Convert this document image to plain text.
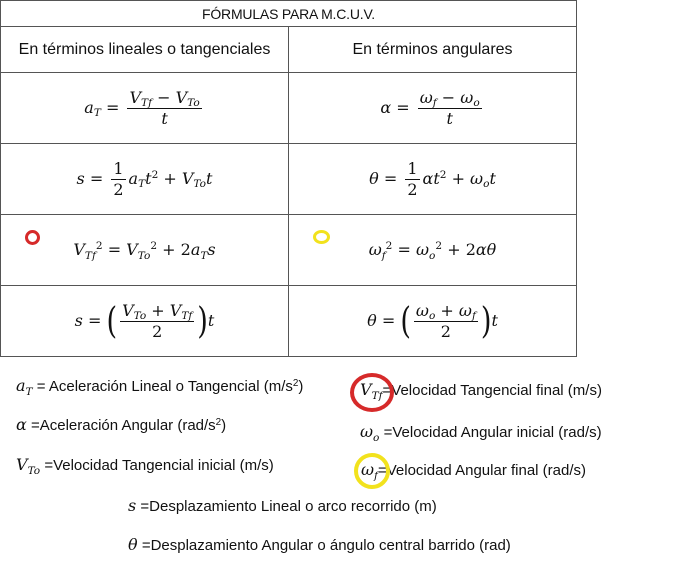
FÓRMULAS PARA M.C.U.V.	
En términos lineales o tangenciales	En términos angulares
$a_T = \frac{V_{Tf} - V_{To}}{t}$	$\alpha = \frac{\omega_f - \omega_o}{t}$

$s = \frac{1}{2} a_Tt^2 + V_{To}t$	$\theta = \frac{1}{2} \alpha t^2 + \omega_ot$

$V_{Tf}^2 = V_{To}^2 + 2a_Ts$	$\omega_f^2 = \omega_o^2 + 2\alpha\theta$
s = ( $\frac{V_{To} + V_{Tf}}{2} )t$	θ = ( $\frac{\omega_o + \omega_f}{2} )t$
$a_T$ = Aceleración Lineal o Tangencial $(m/s^2)$	$V_{Tf}=Velocidad$ Tangencial final (m/s)
α =Aceleración Angular $(rad/s^2)$	$\omega_o$ =Velocidad Angular inicial (rad/s)
$V_{To}$ =Velocidad Tangencial inicial (m/s)	$\omega_f=Velocidad$ Angular final (rad/s)
s =Desplazamiento Lineal o arco recorrido (m)
θ =Desplazamiento Angular o ángulo central barrido (rad)
